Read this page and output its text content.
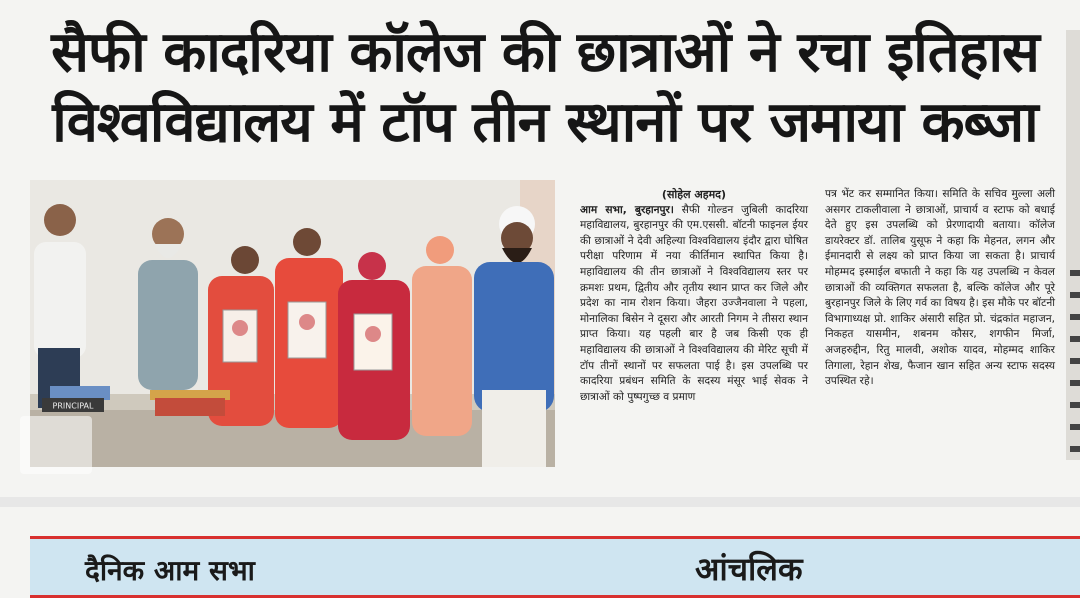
सैफी कादरिया कॉलेज की छात्राओं ने रचा इतिहास
विश्वविद्यालय में टॉप तीन स्थानों पर जमाया कब्जा
PRINCIPAL
(सोहेल अहमद)
आम सभा, बुरहानपुर। सैफी गोल्डन जुबिली कादरिया महाविद्यालय, बुरहानपुर की एम.एससी. बॉटनी फाइनल ईयर की छात्राओं ने देवी अहिल्या विश्वविद्यालय इंदौर द्वारा घोषित परीक्षा परिणाम में नया कीर्तिमान स्थापित किया है। महाविद्यालय की तीन छात्राओं ने विश्वविद्यालय स्तर पर क्रमशः प्रथम, द्वितीय और तृतीय स्थान प्राप्त कर जिले और प्रदेश का नाम रोशन किया। जैहरा उज्जैनवाला ने पहला, मोनालिका बिसेन ने दूसरा और आरती निगम ने तीसरा स्थान प्राप्त किया। यह पहली बार है जब किसी एक ही महाविद्यालय की छात्राओं ने विश्वविद्यालय की मेरिट सूची में टॉप तीनों स्थानों पर सफलता पाई है। इस उपलब्धि पर कादरिया प्रबंधन समिति के सदस्य मंसूर भाई सेवक ने छात्राओं को पुष्पगुच्छ व प्रमाण
पत्र भेंट कर सम्मानित किया। समिति के सचिव मुल्ला अली असगर टाकलीवाला ने छात्राओं, प्राचार्य व स्टाफ को बधाई देते हुए इस उपलब्धि को प्रेरणादायी बताया। कॉलेज डायरेक्टर डॉ. तालिब युसूफ ने कहा कि मेहनत, लगन और ईमानदारी से लक्ष्य को प्राप्त किया जा सकता है। प्राचार्य मोहम्मद इस्माईल बफाती ने कहा कि यह उपलब्धि न केवल छात्राओं की व्यक्तिगत सफलता है, बल्कि कॉलेज और पूरे बुरहानपुर जिले के लिए गर्व का विषय है। इस मौके पर बॉटनी विभागाध्यक्ष प्रो. शाकिर अंसारी सहित प्रो. चंद्रकांत महाजन, निकहत यासमीन, शबनम कौसर, शगफीन मिर्जा, अजहरुद्दीन, रितु मालवी, अशोक यादव, मोहम्मद शाकिर तिगाला, रेहान शेख, फैजान खान सहित अन्य स्टाफ सदस्य उपस्थित रहे।
दैनिक आम सभा	आंचलिक
